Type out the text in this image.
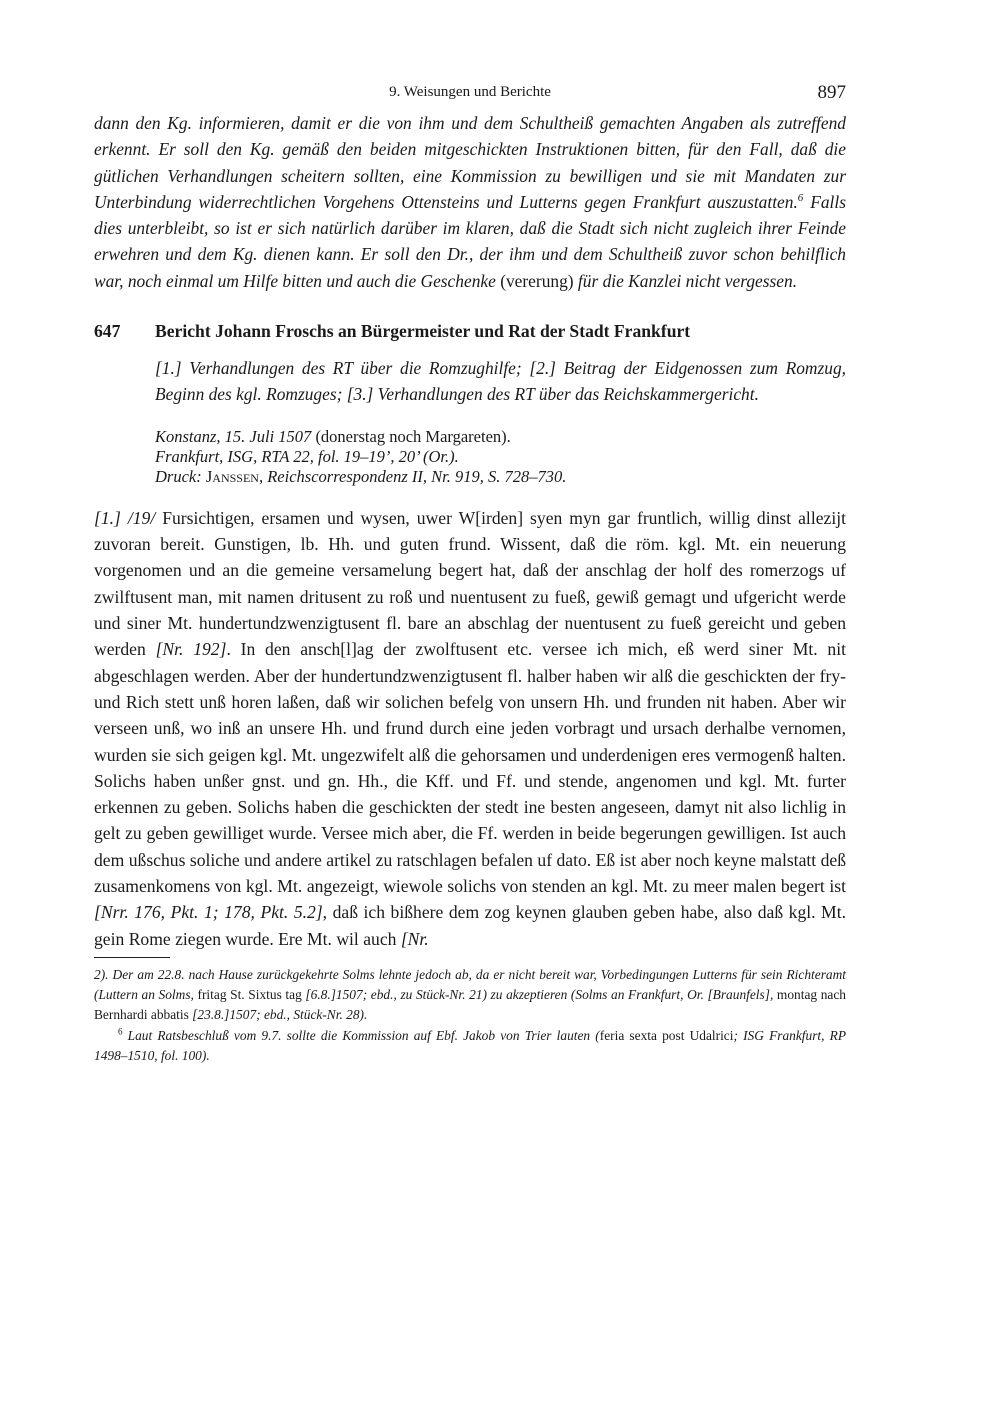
9. Weisungen und Berichte	897

dann den Kg. informieren, damit er die von ihm und dem Schultheiß gemachten Angaben als zutreffend erkennt. Er soll den Kg. gemäß den beiden mitgeschickten Instruktionen bitten, für den Fall, daß die gütlichen Verhandlungen scheitern sollten, eine Kommission zu bewilligen und sie mit Mandaten zur Unterbindung widerrechtlichen Vorgehens Ottensteins und Lutterns gegen Frankfurt auszustatten.$^6$ Falls dies unterbleibt, so ist er sich natürlich darüber im klaren, daß die Stadt sich nicht zugleich ihrer Feinde erwehren und dem Kg. dienen kann. Er soll den Dr., der ihm und dem Schultheiß zuvor schon behilflich war, noch einmal um Hilfe bitten und auch die Geschenke (vererung) für die Kanzlei nicht vergessen.

647	Bericht Johann Froschs an Bürgermeister und Rat der Stadt Frankfurt
[1.] Verhandlungen des RT über die Romzughilfe; [2.] Beitrag der Eidgenossen zum Romzug, Beginn des kgl. Romzuges; [3.] Verhandlungen des RT über das Reichskammergericht.
Konstanz, 15. Juli 1507 (donerstag noch Margareten).
Frankfurt, ISG, RTA 22, fol. 19–19’, 20’ (Or.).
Druck: Janssen, Reichscorrespondenz II, Nr. 919, S. 728–730.

[1.] /19/ Fursichtigen, ersamen und wysen, uwer W[irden] syen myn gar fruntlich, willig dinst allezijt zuvoran bereit. Gunstigen, lb. Hh. und guten frund. Wissent, daß die röm. kgl. Mt. ein neuerung vorgenomen und an die gemeine versamelung begert hat, daß der anschlag der holf des romerzogs uf zwilftusent man, mit namen dritusent zu roß und nuentusent zu fueß, gewiß gemagt und ufgericht werde und siner Mt. hundertundzwenzigtusent fl. bare an abschlag der nuentusent zu fueß gereicht und geben werden [Nr. 192]. In den ansch[l]ag der zwolftusent etc. versee ich mich, eß werd siner Mt. nit abgeschlagen werden. Aber der hundertundzwenzigtusent fl. halber haben wir alß die geschickten der fry- und Rich stett unß horen laßen, daß wir solichen befelg von unsern Hh. und frunden nit haben. Aber wir verseen unß, wo inß an unsere Hh. und frund durch eine jeden vorbragt und ursach derhalbe vernomen, wurden sie sich geigen kgl. Mt. ungezwifelt alß die gehorsamen und underdenigen eres vermogenß halten. Solichs haben unßer gnst. und gn. Hh., die Kff. und Ff. und stende, angenomen und kgl. Mt. furter erkennen zu geben. Solichs haben die geschickten der stedt ine besten angeseen, damyt nit also lichlig in gelt zu geben gewilliget wurde. Versee mich aber, die Ff. werden in beide begerungen gewilligen. Ist auch dem ußschus soliche und andere artikel zu ratschlagen befalen uf dato. Eß ist aber noch keyne malstatt deß zusamenkomens von kgl. Mt. angezeigt, wiewole solichs von stenden an kgl. Mt. zu meer malen begert ist [Nrr. 176, Pkt. 1; 178, Pkt. 5.2], daß ich bißhere dem zog keynen glauben geben habe, also daß kgl. Mt. gein Rome ziegen wurde. Ere Mt. wil auch [Nr.

2). Der am 22.8. nach Hause zurückgekehrte Solms lehnte jedoch ab, da er nicht bereit war, Vorbedingungen Lutterns für sein Richteramt (Luttern an Solms, fritag St. Sixtus tag [6.8.]1507; ebd., zu Stück-Nr. 21) zu akzeptieren (Solms an Frankfurt, Or. [Braunfels], montag nach Bernhardi abbatis [23.8.]1507; ebd., Stück-Nr. 28).

$^6$ Laut Ratsbeschluß vom 9.7. sollte die Kommission auf Ebf. Jakob von Trier lauten (feria sexta post Udalrici; ISG Frankfurt, RP 1498–1510, fol. 100).
